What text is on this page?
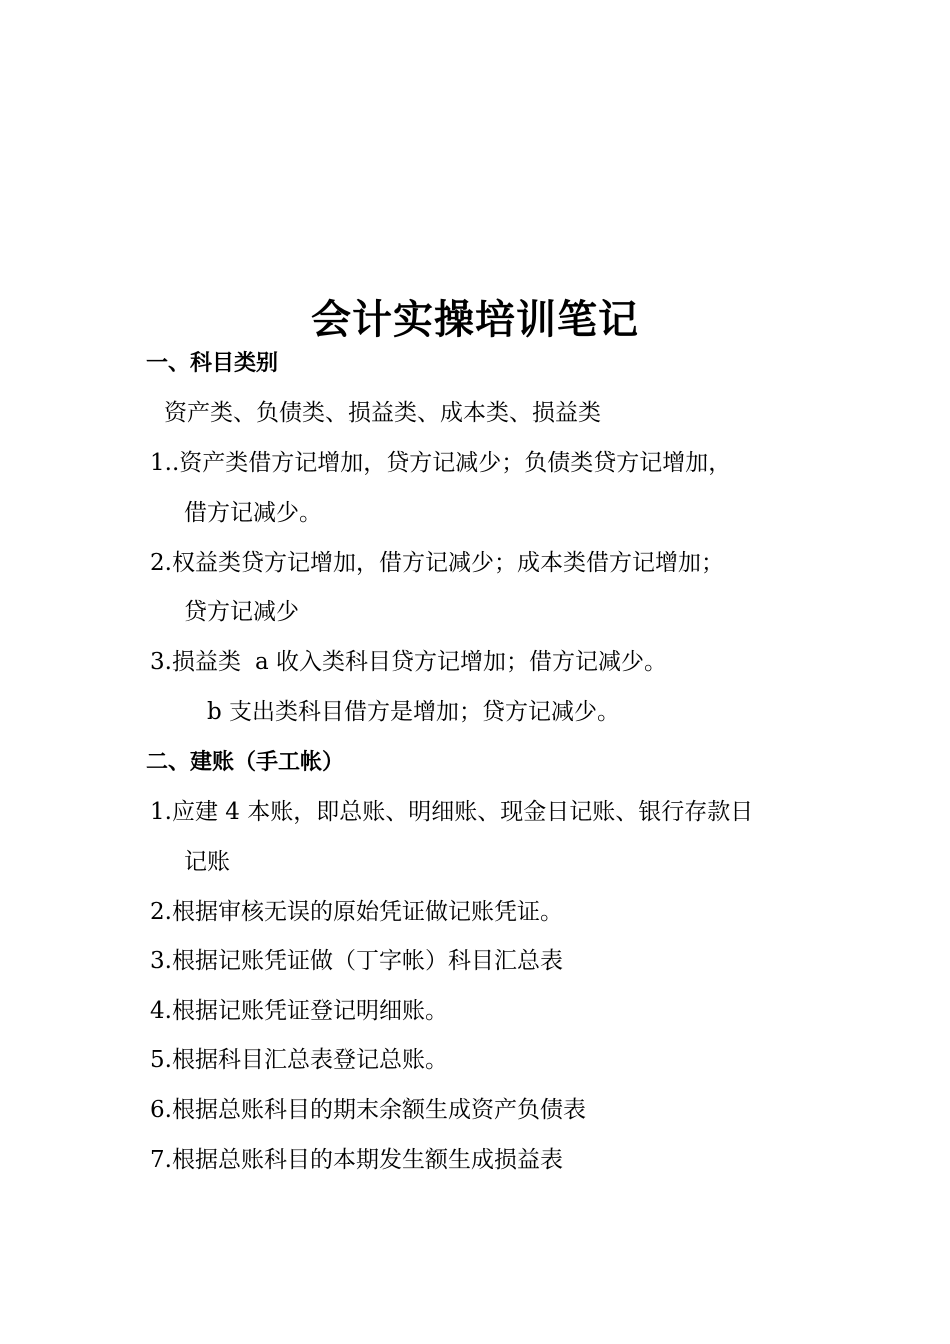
会计实操培训笔记
一、科目类别
资产类、负债类、损益类、成本类、损益类
1..资产类借方记增加，贷方记减少；负债类贷方记增加，
借方记减少。
2.权益类贷方记增加，借方记减少；成本类借方记增加；
贷方记减少
3.损益类 a 收入类科目贷方记增加；借方记减少。
b 支出类科目借方是增加；贷方记减少。
二、建账（手工帐）
1.应建 4 本账，即总账、明细账、现金日记账、银行存款日
记账
2.根据审核无误的原始凭证做记账凭证。
3.根据记账凭证做（丁字帐）科目汇总表
4.根据记账凭证登记明细账。
5.根据科目汇总表登记总账。
6.根据总账科目的期末余额生成资产负债表
7.根据总账科目的本期发生额生成损益表
